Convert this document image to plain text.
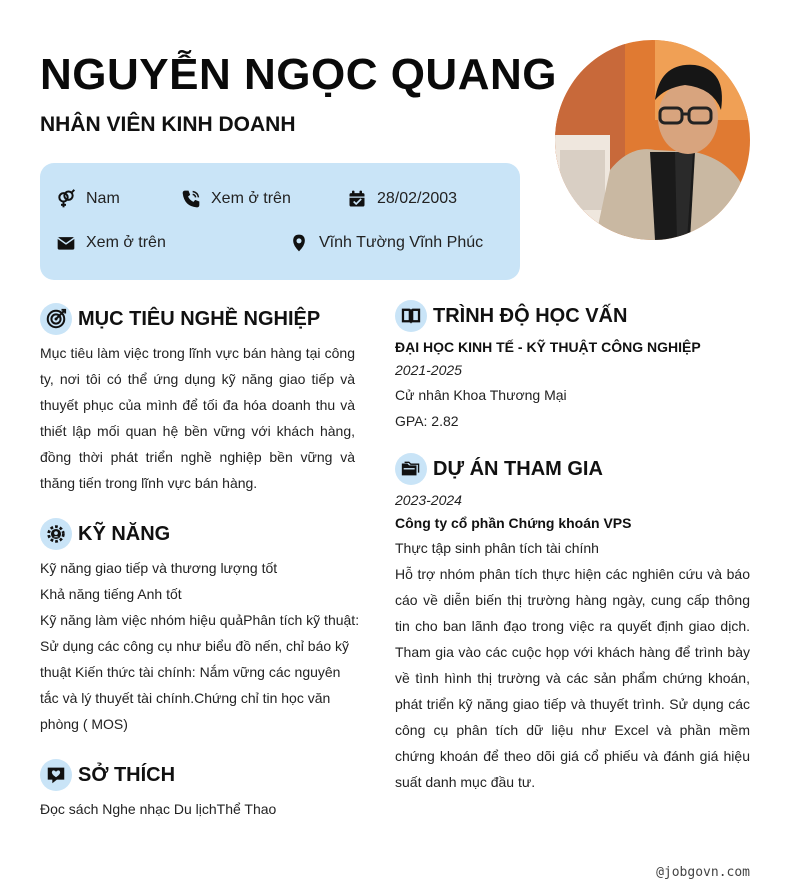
NGUYỄN NGỌC QUANG
NHÂN VIÊN KINH DOANH
Nam	Xem ở trên	28/02/2003
Xem ở trên	Vĩnh Tường Vĩnh Phúc
MỤC TIÊU NGHỀ NGHIỆP
Mục tiêu làm việc trong lĩnh vực bán hàng tại công ty, nơi tôi có thể ứng dụng kỹ năng giao tiếp và thuyết phục của mình để tối đa hóa doanh thu và thiết lập mối quan hệ bền vững với khách hàng, đồng thời phát triển nghề nghiệp bền vững và thăng tiến trong lĩnh vực bán hàng.
KỸ NĂNG
Kỹ năng giao tiếp và thương lượng tốt
Khả năng tiếng Anh tốt
Kỹ năng làm việc nhóm hiệu quảPhân tích kỹ thuật:
Sử dụng các công cụ như biểu đồ nến, chỉ báo kỹ
thuật Kiến thức tài chính: Nắm vững các nguyên
tắc và lý thuyết tài chính.Chứng chỉ tin học văn
phòng ( MOS)
SỞ THÍCH
Đọc sách Nghe nhạc Du lịchThể Thao
TRÌNH ĐỘ HỌC VẤN
ĐẠI HỌC KINH TẾ - KỸ THUẬT CÔNG NGHIỆP
2021-2025
Cử nhân Khoa Thương Mại
GPA: 2.82
DỰ ÁN THAM GIA
2023-2024
Công ty cổ phần Chứng khoán VPS
Thực tập sinh phân tích tài chính
Hỗ trợ nhóm phân tích thực hiện các nghiên cứu và báo cáo về diễn biến thị trường hàng ngày, cung cấp thông tin cho ban lãnh đạo trong việc ra quyết định giao dịch. Tham gia vào các cuộc họp với khách hàng để trình bày về tình hình thị trường và các sản phẩm chứng khoán, phát triển kỹ năng giao tiếp và thuyết trình. Sử dụng các công cụ phân tích dữ liệu như Excel và phần mềm chứng khoán để theo dõi giá cổ phiếu và đánh giá hiệu suất danh mục đầu tư.
@jobgovn.com
